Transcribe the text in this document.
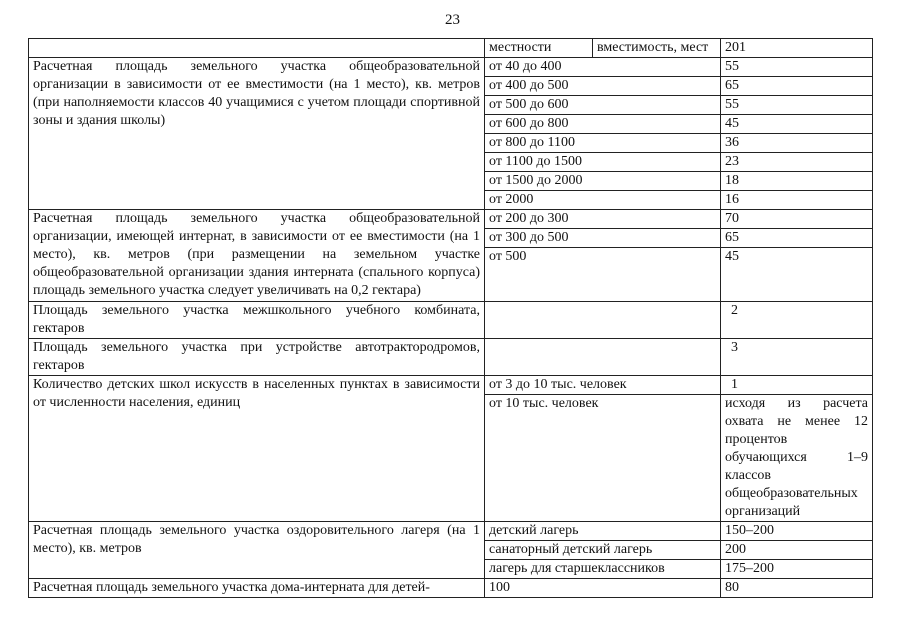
23
	местности	вместимость, мест	201
Расчетная площадь земельного участка общеобразовательной организации в зависимости от ее вместимости (на 1 место), кв. метров (при наполняемости классов 40 учащимися с учетом площади спортивной зоны и здания школы)	от 40 до 400		55
	от 400 до 500		65
	от 500 до 600		55
	от 600 до 800		45
	от 800 до 1100		36
	от 1100 до 1500		23
	от 1500 до 2000		18
	от 2000		16
Расчетная площадь земельного участка общеобразовательной организации, имеющей интернат, в зависимости от ее вместимости (на 1 место), кв. метров (при размещении на земельном участке общеобразовательной организации здания интерната (спального корпуса) площадь земельного участка следует увеличивать на 0,2 гектара)	от 200 до 300		70
	от 300 до 500		65
	от 500		45
Площадь земельного участка межшкольного учебного комбината, гектаров			2
Площадь земельного участка при устройстве автотрактородромов, гектаров			3
Количество детских школ искусств в населенных пунктах в зависимости от численности населения, единиц	от 3 до 10 тыс. человек		1
	от 10 тыс. человек		исходя из расчета охвата не менее 12 процентов обучающихся 1–9 классов общеобразовательных организаций
Расчетная площадь земельного участка оздоровительного лагеря (на 1 место), кв. метров	детский лагерь		150–200
	санаторный детский лагерь		200
	лагерь для старшеклассников		175–200
Расчетная площадь земельного участка дома-интерната для детей-	100		80
